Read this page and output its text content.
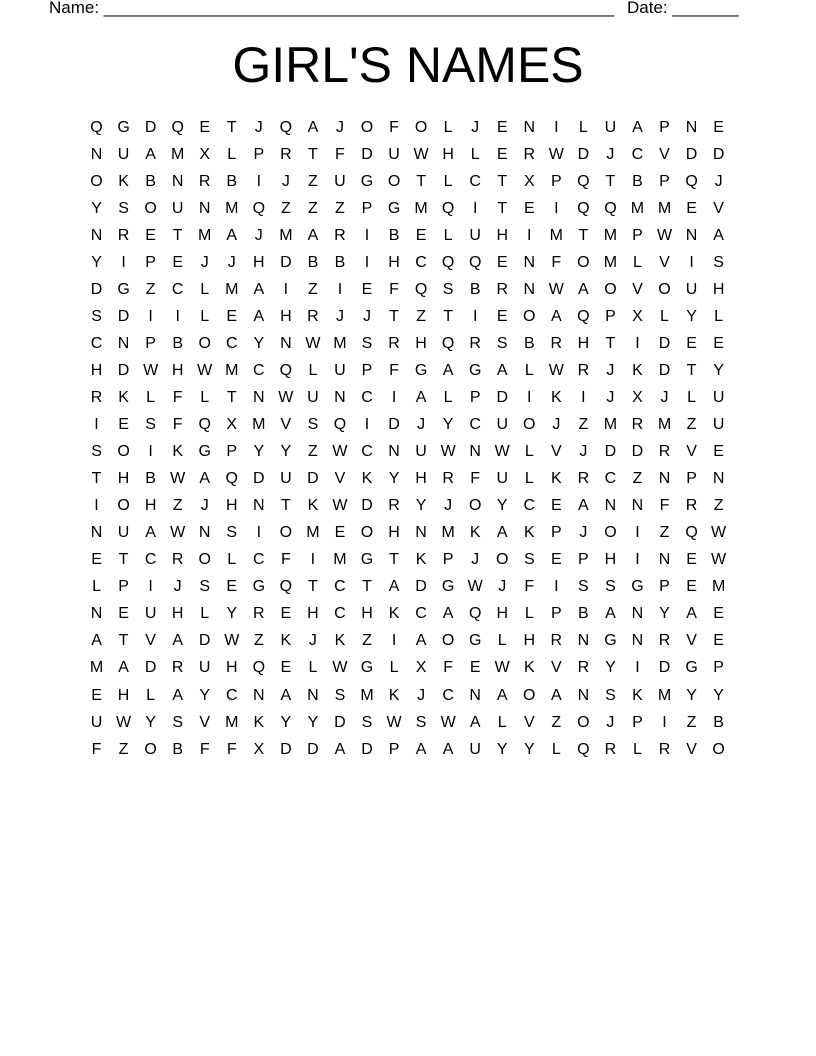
Name: ______________________________________________________ Date: _______
GIRL'S NAMES
Q G D Q E	T	J	Q A	J	O F O	L	J	E N	I	L	U A	P N E
N U A M X	L	P R	T	F	D U W H	L	E R W D	J	C V D D
O K	B N R B	I	J	Z	U G O T	L	C	T	X	P Q T	B	P Q	J
Y	S O U N M Q Z	Z	Z	P G M Q	I	T	E	I	Q Q M M E	V
N R E	T M A	J	M A R	I	B	E	L	U H	I	M T M P W N A
Y	I	P	E	J	J	H D B	B	I	H C Q Q E N	F O M L	V	I	S
D G Z	C	L M A	I	Z	I	E	F Q S	B R N W A O V O U H
S D	I	I	L	E	A H R	J	J	T	Z	T	I	E O A Q P	X	L	Y	L
C N P	B O C Y N W M S R H Q R S	B R H	T	I	D E	E
H D W H W M C Q	L	U P	F G A G A	L W R	J	K D	T	Y
R K	L	F	L	T	N W U N C	I	A	L	P D	I	K	I	J	X	J	L	U
I	E	S	F Q X M V	S Q	I	D	J	Y C U O	J	Z M R M Z	U
S O	I	K G P	Y	Y	Z W C N U W N W L	V	J	D D R V	E
T	H B W A Q D U D V	K	Y H R	F	U	L	K R C	Z	N P N
I	O H	Z	J	H N	T	K W D R Y	J	O Y C E	A N N	F	R	Z
N U A W N S	I	O M E O H N M K	A	K	P	J	O	I	Z Q W
E	T	C R O	L	C	F	I	M G T	K	P	J	O S	E	P H	I	N E W
L	P	I	J	S	E G Q T	C	T	A D G W J	F	I	S	S G P	E M
N E U H	L	Y R E H C H K C A Q H	L	P	B	A N Y	A	E
A	T	V	A D W Z	K	J	K	Z	I	A O G	L	H R N G N R V	E
M A D R U H Q E	L W G	L	X	F	E W K	V R Y	I	D G P
E H	L	A	Y C N A N S M K	J	C N A O A N S	K M Y	Y
U W Y	S	V M K	Y	Y D S W S W A	L	V	Z O	J	P	I	Z	B
F	Z O B	F	F	X D D A D P	A	A U Y	Y	L	Q R	L	R V O
